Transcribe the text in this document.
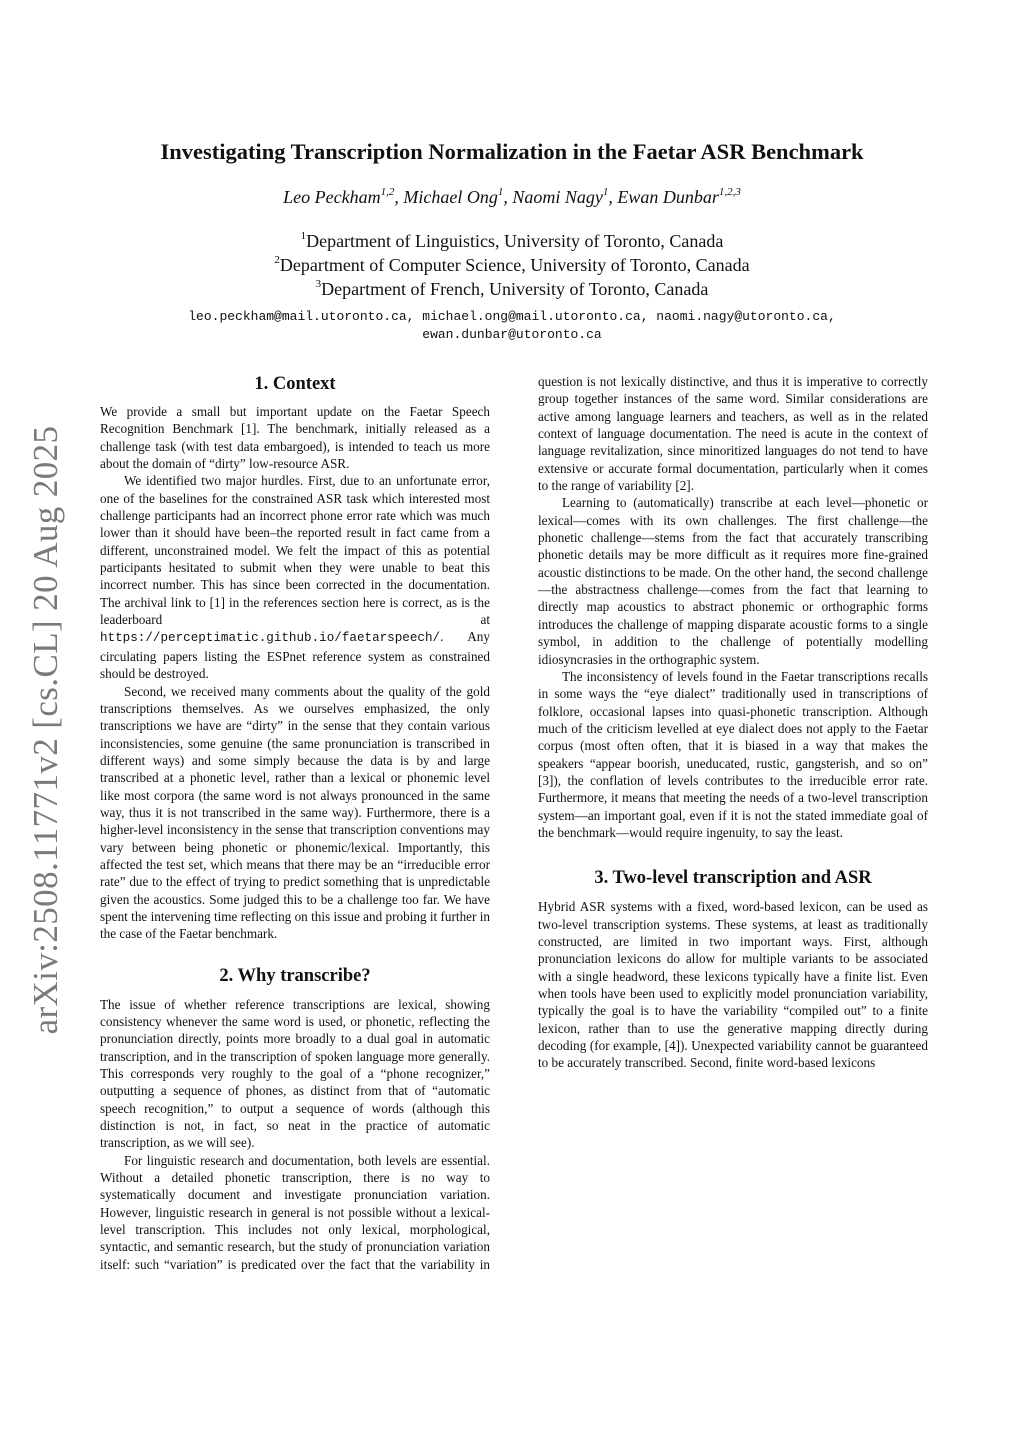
arXiv:2508.11771v2 [cs.CL] 20 Aug 2025
Investigating Transcription Normalization in the Faetar ASR Benchmark
Leo Peckham$^{1,2}$, Michael Ong$^1$, Naomi Nagy$^1$, Ewan Dunbar$^{1,2,3}$
$^1$Department of Linguistics, University of Toronto, Canada
$^2$Department of Computer Science, University of Toronto, Canada
$^3$Department of French, University of Toronto, Canada
leo.peckham@mail.utoronto.ca, michael.ong@mail.utoronto.ca, naomi.nagy@utoronto.ca,
ewan.dunbar@utoronto.ca
1. Context

We provide a small but important update on the Faetar Speech Recognition Benchmark [1]. The benchmark, initially released as a challenge task (with test data embargoed), is intended to teach us more about the domain of “dirty” low-resource ASR.

We identified two major hurdles. First, due to an unfortunate error, one of the baselines for the constrained ASR task which interested most challenge participants had an incorrect phone error rate which was much lower than it should have been–the reported result in fact came from a different, unconstrained model. We felt the impact of this as potential participants hesitated to submit when they were unable to beat this incorrect number. This has since been corrected in the documentation. The archival link to [1] in the references section here is correct, as is the leaderboard at https://perceptimatic.github.io/faetarspeech/. Any circulating papers listing the ESPnet reference system as constrained should be destroyed.

Second, we received many comments about the quality of the gold transcriptions themselves. As we ourselves emphasized, the only transcriptions we have are “dirty” in the sense that they contain various inconsistencies, some genuine (the same pronunciation is transcribed in different ways) and some simply because the data is by and large transcribed at a phonetic level, rather than a lexical or phonemic level like most corpora (the same word is not always pronounced in the same way, thus it is not transcribed in the same way). Furthermore, there is a higher-level inconsistency in the sense that transcription conventions may vary between being phonetic or phonemic/lexical. Importantly, this affected the test set, which means that there may be an “irreducible error rate” due to the effect of trying to predict something that is unpredictable given the acoustics. Some judged this to be a challenge too far. We have spent the intervening time reflecting on this issue and probing it further in the case of the Faetar benchmark.

2. Why transcribe?

The issue of whether reference transcriptions are lexical, showing consistency whenever the same word is used, or phonetic, reflecting the pronunciation directly, points more broadly to a dual goal in automatic transcription, and in the transcription of spoken language more generally. This corresponds very roughly to the goal of a “phone recognizer,” outputting a sequence of phones, as distinct from that of “automatic speech recognition,” to output a sequence of words (although this distinction is not, in fact, so neat in the practice of automatic transcription, as we will see).

For linguistic research and documentation, both levels are essential. Without a detailed phonetic transcription, there is no way to systematically document and investigate pronunciation variation. However, linguistic research in general is not possible without a lexical-level transcription. This includes not only lexical, morphological, syntactic, and semantic research, but the study of pronunciation variation itself: such “variation” is predicated over the fact that the variability in

question is not lexically distinctive, and thus it is imperative to correctly group together instances of the same word. Similar considerations are active among language learners and teachers, as well as in the related context of language documentation. The need is acute in the context of language revitalization, since minoritized languages do not tend to have extensive or accurate formal documentation, particularly when it comes to the range of variability [2].

Learning to (automatically) transcribe at each level—phonetic or lexical—comes with its own challenges. The first challenge—the phonetic challenge—stems from the fact that accurately transcribing phonetic details may be more difficult as it requires more fine-grained acoustic distinctions to be made. On the other hand, the second challenge—the abstractness challenge—comes from the fact that learning to directly map acoustics to abstract phonemic or orthographic forms introduces the challenge of mapping disparate acoustic forms to a single symbol, in addition to the challenge of potentially modelling idiosyncrasies in the orthographic system.

The inconsistency of levels found in the Faetar transcriptions recalls in some ways the “eye dialect” traditionally used in transcriptions of folklore, occasional lapses into quasi-phonetic transcription. Although much of the criticism levelled at eye dialect does not apply to the Faetar corpus (most often often, that it is biased in a way that makes the speakers “appear boorish, uneducated, rustic, gangsterish, and so on” [3]), the conflation of levels contributes to the irreducible error rate. Furthermore, it means that meeting the needs of a two-level transcription system—an important goal, even if it is not the stated immediate goal of the benchmark—would require ingenuity, to say the least.

3. Two-level transcription and ASR

Hybrid ASR systems with a fixed, word-based lexicon, can be used as two-level transcription systems. These systems, at least as traditionally constructed, are limited in two important ways. First, although pronunciation lexicons do allow for multiple variants to be associated with a single headword, these lexicons typically have a finite list. Even when tools have been used to explicitly model pronunciation variability, typically the goal is to have the variability “compiled out” to a finite lexicon, rather than to use the generative mapping directly during decoding (for example, [4]). Unexpected variability cannot be guaranteed to be accurately transcribed. Second, finite word-based lexicons
